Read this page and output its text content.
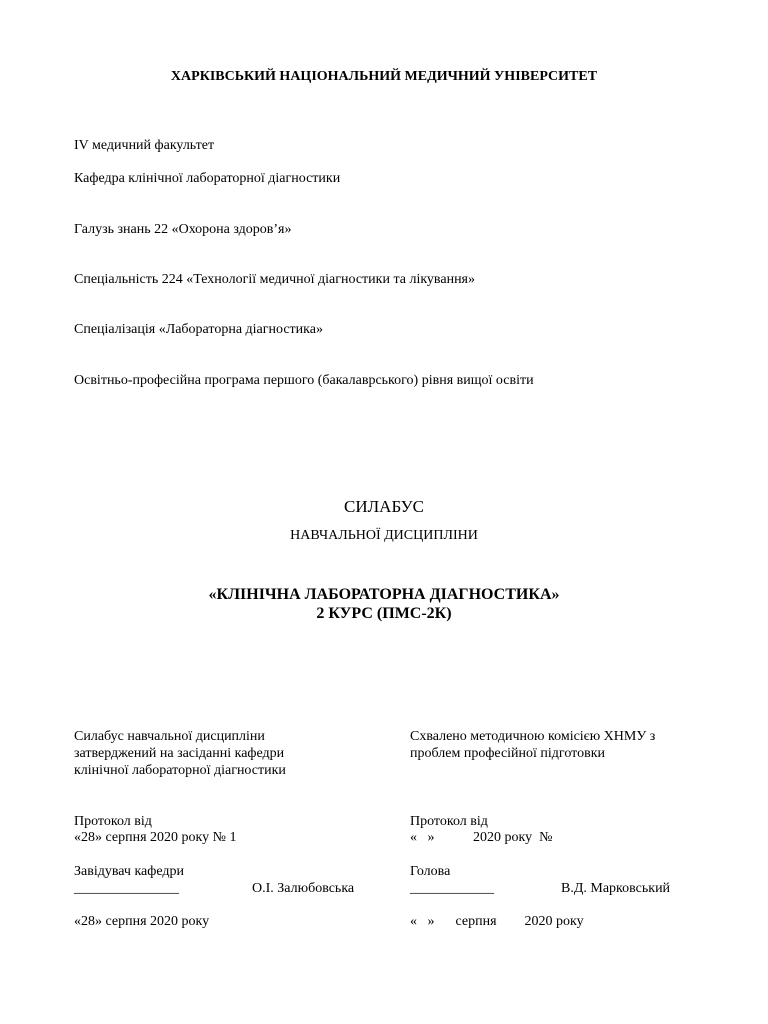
ХАРКІВСЬКИЙ НАЦІОНАЛЬНИЙ МЕДИЧНИЙ УНІВЕРСИТЕТ
IV медичний факультет
Кафедра клінічної лабораторної діагностики
Галузь знань 22 «Охорона здоров’я»
Спеціальність 224 «Технології медичної діагностики та лікування»
Спеціалізація «Лабораторна діагностика»
Освітньо-професійна програма першого (бакалаврського) рівня вищої освіти
СИЛАБУС
НАВЧАЛЬНОЇ ДИСЦИПЛІНИ
«КЛІНІЧНА ЛАБОРАТОРНА ДІАГНОСТИКА»
2 КУРС (ПМС-2К)
Силабус навчальної дисципліни
затверджений на засіданні кафедри
клінічної лабораторної діагностики
Протокол від
«28» серпня 2020 року № 1
Завідувач кафедри
_______________	О.І. Залюбовська
«28» серпня 2020 року
Схвалено методичною комісією ХНМУ з
проблем професійної підготовки
Протокол від
«   »           2020 року  №
Голова
____________	В.Д. Марковський
«   »      серпня        2020 року
